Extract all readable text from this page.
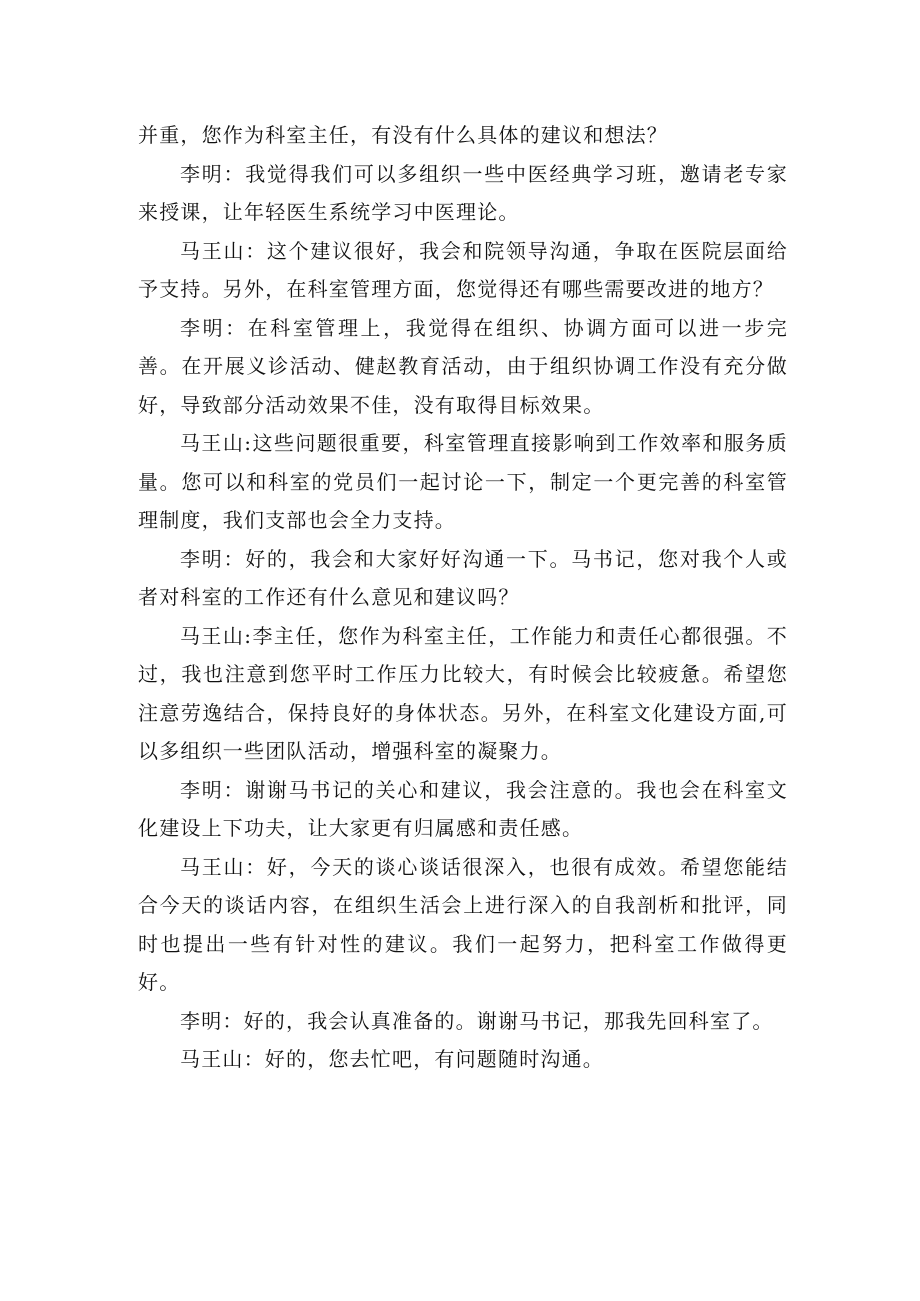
并重，您作为科室主任，有没有什么具体的建议和想法？

李明：我觉得我们可以多组织一些中医经典学习班，邀请老专家来授课，让年轻医生系统学习中医理论。

马王山：这个建议很好，我会和院领导沟通，争取在医院层面给予支持。另外，在科室管理方面，您觉得还有哪些需要改进的地方？

李明：在科室管理上，我觉得在组织、协调方面可以进一步完善。在开展义诊活动、健赵教育活动，由于组织协调工作没有充分做好，导致部分活动效果不佳，没有取得目标效果。

马王山:这些问题很重要，科室管理直接影响到工作效率和服务质量。您可以和科室的党员们一起讨论一下，制定一个更完善的科室管理制度，我们支部也会全力支持。

李明：好的，我会和大家好好沟通一下。马书记，您对我个人或者对科室的工作还有什么意见和建议吗？

马王山:李主任，您作为科室主任，工作能力和责任心都很强。不过，我也注意到您平时工作压力比较大，有时候会比较疲惫。希望您注意劳逸结合，保持良好的身体状态。另外，在科室文化建设方面,可以多组织一些团队活动，增强科室的凝聚力。

李明：谢谢马书记的关心和建议，我会注意的。我也会在科室文化建设上下功夫，让大家更有归属感和责任感。

马王山：好，今天的谈心谈话很深入，也很有成效。希望您能结合今天的谈话内容，在组织生活会上进行深入的自我剖析和批评，同时也提出一些有针对性的建议。我们一起努力，把科室工作做得更好。

李明：好的，我会认真准备的。谢谢马书记，那我先回科室了。

马王山：好的，您去忙吧，有问题随时沟通。
